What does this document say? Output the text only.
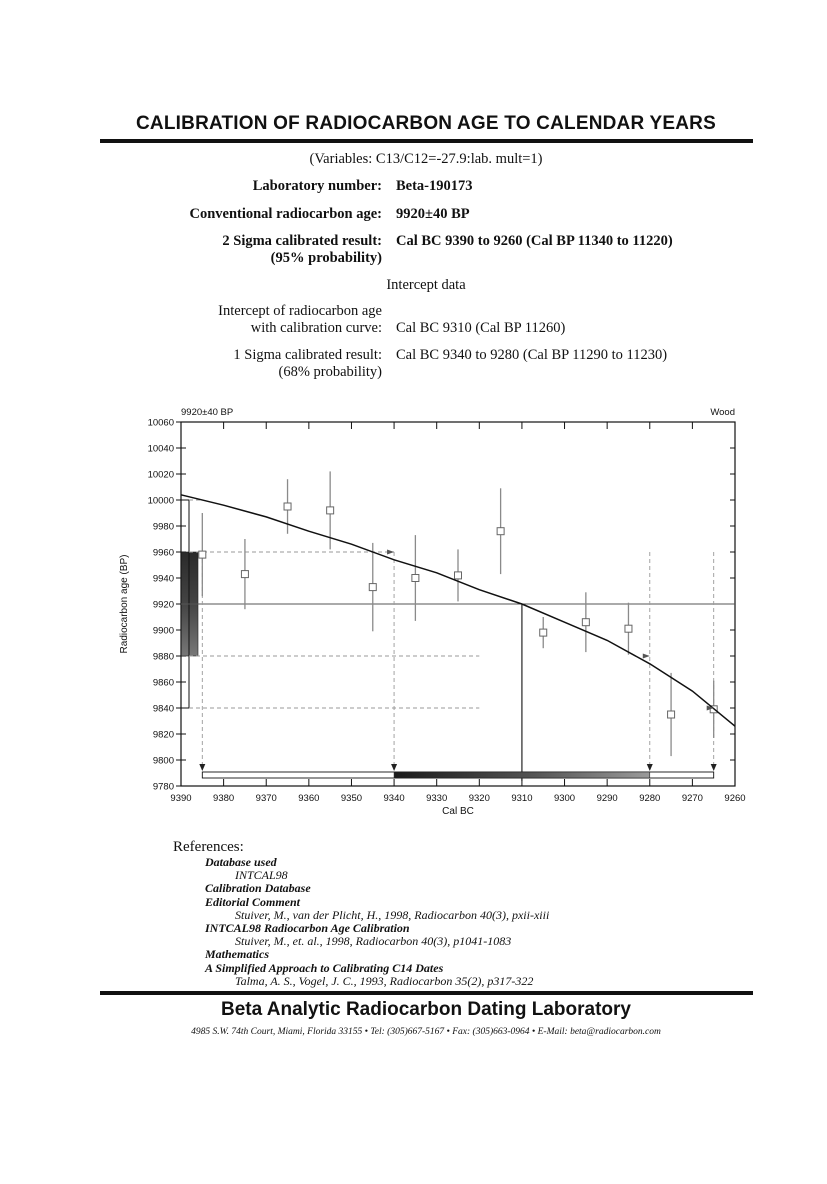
CALIBRATION OF RADIOCARBON AGE TO CALENDAR YEARS
(Variables: C13/C12=-27.9:lab. mult=1)
Laboratory number: Beta-190173
Conventional radiocarbon age: 9920±40 BP
2 Sigma calibrated result:
(95% probability)
Cal BC 9390 to 9260 (Cal BP 11340 to 11220)
Intercept data
Intercept of radiocarbon age
with calibration curve: Cal BC 9310 (Cal BP 11260)
1 Sigma calibrated result:
(68% probability)
Cal BC 9340 to 9280 (Cal BP 11290 to 11230)
10060
10040
10020
10000
9980
9960
9940
9920
9900
9880
9860
9840
9820
9800
9780
9390 9380 9370 9360 9350 9340 9330 9320 9310 9300 9290 9280 9270 9260
9920±40 BP	Wood
Cal BC
Radiocarbon age (BP)
References:
Database used
INTCAL98
Calibration Database
Editorial Comment
Stuiver, M., van der Plicht, H., 1998, Radiocarbon 40(3), pxii-xiii
INTCAL98 Radiocarbon Age Calibration
Stuiver, M., et. al., 1998, Radiocarbon 40(3), p1041-1083
Mathematics
A Simplified Approach to Calibrating C14 Dates
Talma, A. S., Vogel, J. C., 1993, Radiocarbon 35(2), p317-322
Beta Analytic Radiocarbon Dating Laboratory
4985 S.W. 74th Court, Miami, Florida 33155 • Tel: (305)667-5167 • Fax: (305)663-0964 • E-Mail: beta@radiocarbon.com
